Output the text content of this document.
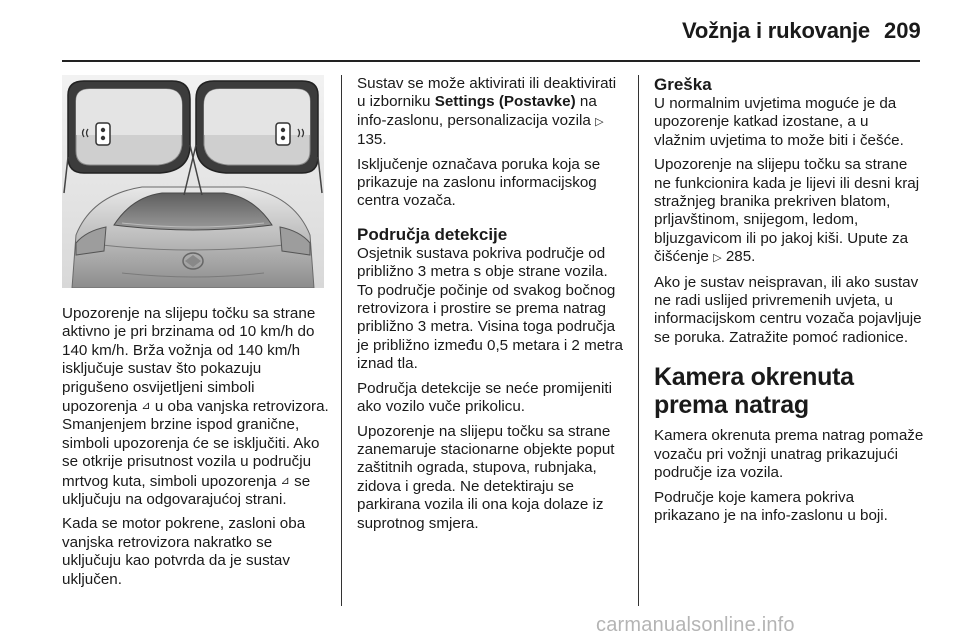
Vožnja i rukovanje 209

Upozorenje na slijepu točku sa strane aktivno je pri brzinama od 10 km/h do 140 km/h. Brža vožnja od 140 km/h isključuje sustav što pokazuju prigušeno osvijetljeni simboli upozorenja ⊿ u oba vanjska retrovizora. Smanjenjem brzine ispod granične, simboli upozorenja će se isključiti. Ako se otkrije prisutnost vozila u području mrtvog kuta, simboli upozorenja ⊿ se uključuju na odgovarajućoj strani.

Kada se motor pokrene, zasloni oba vanjska retrovizora nakratko se uključuju kao potvrda da je sustav uključen.

Sustav se može aktivirati ili deaktivirati u izborniku Settings (Postavke) na info-zaslonu, personalizacija vozila ▷ 135.

Isključenje označava poruka koja se prikazuje na zaslonu informacijskog centra vozača.

Područja detekcije

Osjetnik sustava pokriva područje od približno 3 metra s obje strane vozila. To područje počinje od svakog bočnog retrovizora i prostire se prema natrag približno 3 metra. Visina toga područja je približno između 0,5 metara i 2 metra iznad tla.

Područja detekcije se neće promijeniti ako vozilo vuče prikolicu.

Upozorenje na slijepu točku sa strane zanemaruje stacionarne objekte poput zaštitnih ograda, stupova, rubnjaka, zidova i greda. Ne detektiraju se parkirana vozila ili ona koja dolaze iz suprotnog smjera.

Greška

U normalnim uvjetima moguće je da upozorenje katkad izostane, a u vlažnim uvjetima to može biti i češće.

Upozorenje na slijepu točku sa strane ne funkcionira kada je lijevi ili desni kraj stražnjeg branika prekriven blatom, prljavštinom, snijegom, ledom, bljuzgavicom ili po jakoj kiši. Upute za čišćenje ▷ 285.

Ako je sustav neispravan, ili ako sustav ne radi uslijed privremenih uvjeta, u informacijskom centru vozača pojavljuje se poruka. Zatražite pomoć radionice.

Kamera okrenuta prema natrag

Kamera okrenuta prema natrag pomaže vozaču pri vožnji unatrag prikazujući područje iza vozila.

Područje koje kamera pokriva prikazano je na info-zaslonu u boji.

carmanualsonline.info
